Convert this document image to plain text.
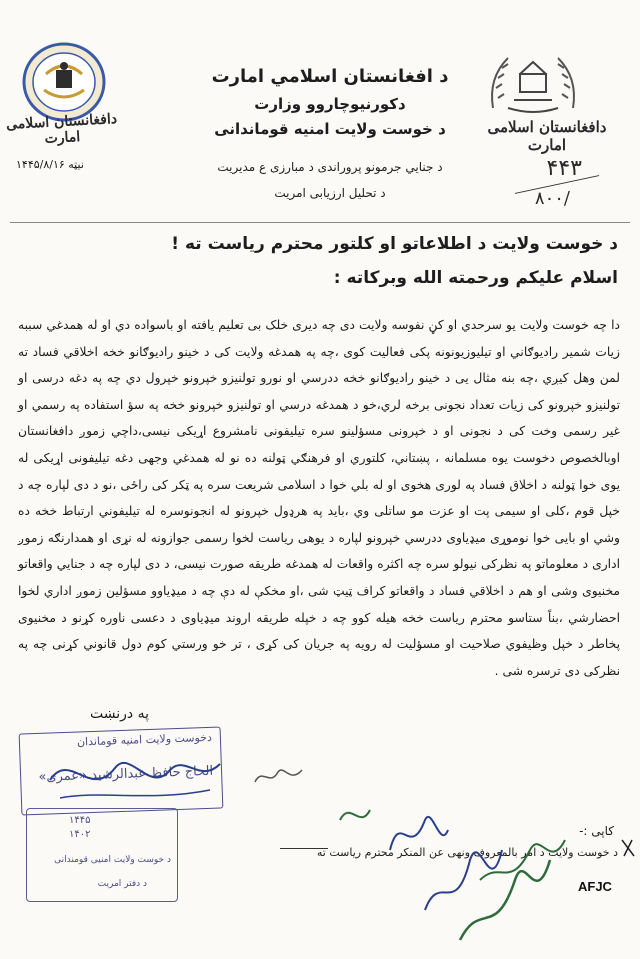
دافغانستان اسلامی امارت
دافغانستان اسلامی امارت
د افغانستان اسلامي امارت
دکورنیوچاروو وزارت
د خوست ولایت امنیه قوماندانی
د جنایي جرمونو پروراندی د مبارزی ع مدیریت
د تحلیل ارزیابی امریت
نیټه ۱۴۴۵/۸/۱۶	۴۴۳
۸۰۰/
د خوست ولایت د اطلاعاتو او کلتور محترم ریاست ته !
اسلام علیکم ورحمته الله وبرکاته :
دا چه خوست ولایت یو سرحدي او کڼ نفوسه ولایت دی چه دیری خلک بی تعلیم یافته او باسواده دي او له همدغي سببه زیات شمیر رادیوګاني او تیلیوزیونونه پکی فعالیت کوی ،چه په همدغه ولایت کی د خینو رادیوګانو خخه اخلاقي فساد ته لمن وهل کیږي ،چه بنه مثال یی د خینو رادیوګانو خخه ددرسي او نورو تولنیزو خپرونو خپرول دي چه په دغه درسی او تولنیزو خپرونو کی زیات تعداد نجونی برخه لري،خو د همدغه درسي او تولنیزو خپرونو خخه په سؤ استفاده په رسمي او غیر رسمی وخت کی د نجونی او د خپرونی مسؤلینو سره تیلیفونی نامشروع اړیکی نیسی،داچي زموږ دافغانستان اوبالخصوص دخوست یوه مسلمانه ، پښتاني، کلتوري او فرهنګي ټولنه ده نو له همدغي وجهی دغه تیلیفونی اړیکی له یوی خوا ټولنه د اخلاق فساد په لوری هخوی او له بلي خوا د اسلامی شریعت سره په ټکر کی راځی ،نو د دی لپاره چه د خپل قوم ،کلی او سیمی پت او عزت مو ساتلی وي ،باید په هرډول خپرونو له انجونوسره له تیلیفوني ارتباط خخه ده وشي او بایی خوا نوموړی میډیاوی ددرسي خپرونو لپاره د یوهی ریاست لخوا رسمی جوازونه له نړی او همدارنګه زموږ اداری د معلوماتو په نظرکی نیولو سره چه اکثره واقعات له همدغه طریقه صورت نیسی، د دی لپاره چه د جنایي واقعاتو مخنیوی وشی او هم د اخلاقي فساد د واقعاتو کراف ټیټ شی ،او مخکې له دې چه د میډیاوو مسؤلین زموږ اداري لخوا احضارشي ،بناً ستاسو محترم ریاست خخه هیله کوو چه د خپله طریقه اروند میډیاوی د دعسی ناوره کړنو د مخنیوی پخاطر د خپل وظیفوي صلاحیت او مسؤلیت له رویه په جریان کی کړی ، تر خو ورستي کوم دول قانوني کړنی چه په نظرکی دی ترسره شی .
په درنښت
دخوست ولایت امنیه قوماندان
الحاج حافظ عبدالرشید «عمری»
۱۴۴۵
۱۴۰۲
د خوست ولایت امنیی قومندانی
د دفتر امریت
کاپی :-
د خوست ولایت د امر بالمعروف ونهی عن المنکر محترم ریاست ته
AFJC
